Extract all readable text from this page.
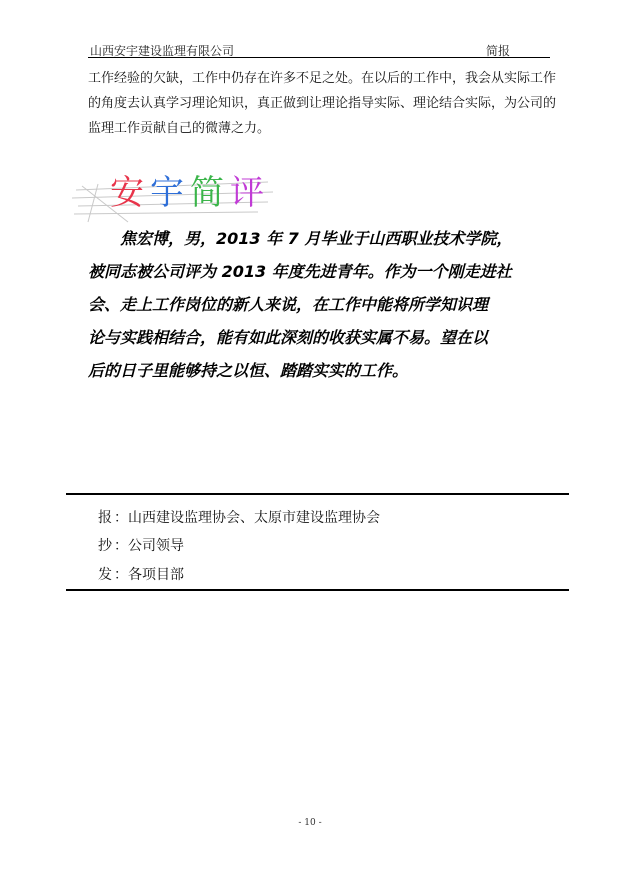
山西安宇建设监理有限公司	简报

工作经验的欠缺，工作中仍存在许多不足之处。在以后的工作中，我会从实际工作
的角度去认真学习理论知识，真正做到让理论指导实际、理论结合实际，为公司的
监理工作贡献自己的微薄之力。

安 宇 简 评

焦宏博，男，2013 年 7 月毕业于山西职业技术学院，
被同志被公司评为 2013 年度先进青年。作为一个刚走进社
会、走上工作岗位的新人来说，在工作中能将所学知识理
论与实践相结合，能有如此深刻的收获实属不易。望在以
后的日子里能够持之以恒、踏踏实实的工作。

报 ：山西建设监理协会、太原市建设监理协会
抄 ：公司领导
发 ：各项目部
- 10 -
